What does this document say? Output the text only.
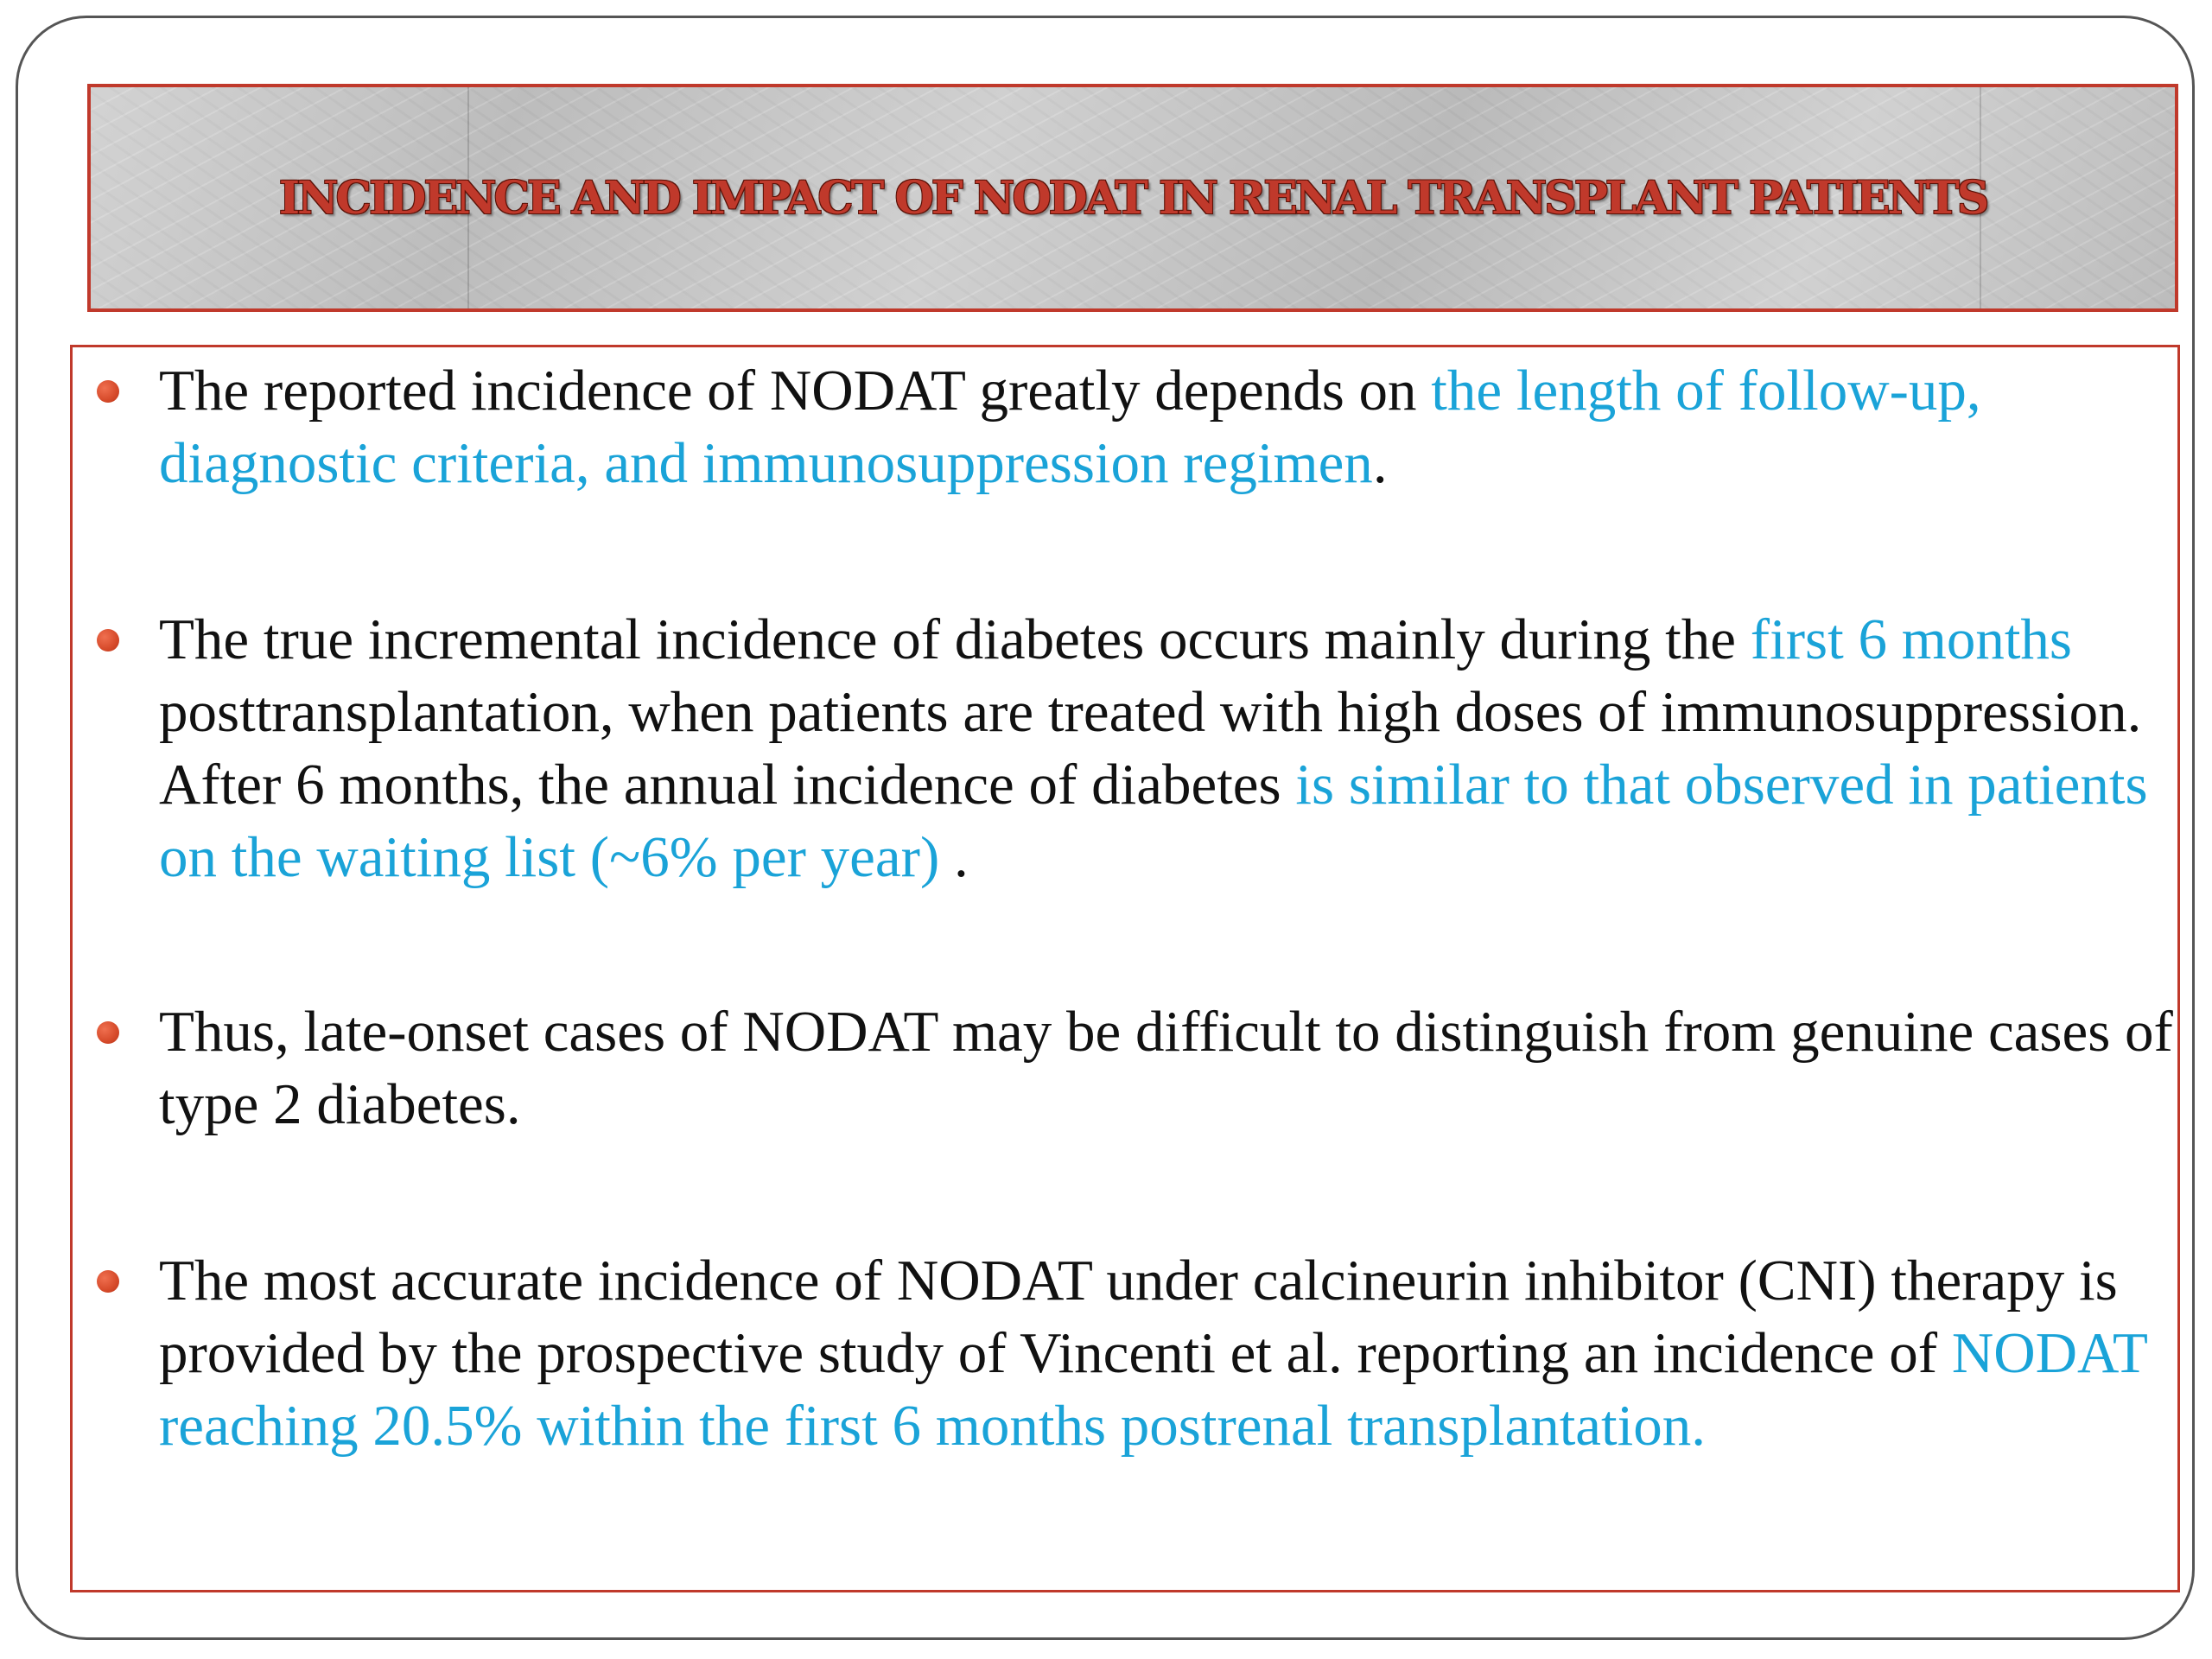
INCIDENCE AND IMPACT OF NODAT IN RENAL TRANSPLANT PATIENTS

The reported incidence of NODAT greatly depends on the length of follow-up, diagnostic criteria, and immunosuppression regimen.

The true incremental incidence of diabetes occurs mainly during the first 6 months posttransplantation, when patients are treated with high doses of immunosuppression. After 6 months, the annual incidence of diabetes is similar to that observed in patients on the waiting list (~6% per year) .

Thus, late-onset cases of NODAT may be difficult to distinguish from genuine cases of type 2 diabetes.

The most accurate incidence of NODAT under calcineurin inhibitor (CNI) therapy is provided by the prospective study of Vincenti et al. reporting an incidence of NODAT reaching 20.5% within the first 6 months postrenal transplantation.
